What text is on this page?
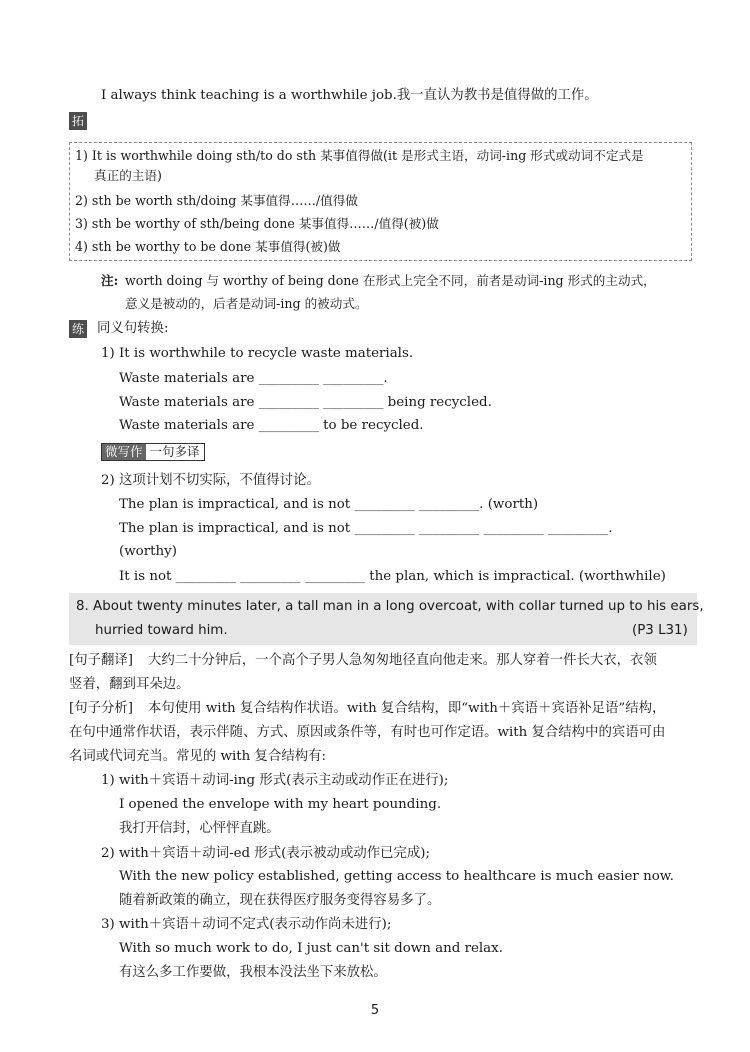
I always think teaching is a worthwhile job.我一直认为教书是值得做的工作。
拓
1) It is worthwhile doing sth/to do sth 某事值得做(it 是形式主语，动词-ing 形式或动词不定式是
真正的主语)
2) sth be worth sth/doing 某事值得……/值得做
3) sth be worthy of sth/being done 某事值得……/值得(被)做
4) sth be worthy to be done 某事值得(被)做
注: worth doing 与 worthy of being done 在形式上完全不同，前者是动词-ing 形式的主动式，
意义是被动的，后者是动词-ing 的被动式。
练 同义句转换:
1) It is worthwhile to recycle waste materials.
Waste materials are _________ _________.
Waste materials are _________ _________ being recycled.
Waste materials are _________ to be recycled.
微写作 一句多译
2) 这项计划不切实际，不值得讨论。
The plan is impractical, and is not _________ _________. (worth)
The plan is impractical, and is not _________ _________ _________ _________.
(worthy)
It is not _________ _________ _________ the plan, which is impractical. (worthwhile)
8. About twenty minutes later, a tall man in a long overcoat, with collar turned up to his ears,
hurried toward him.	(P3 L31)
[句子翻译] 大约二十分钟后，一个高个子男人急匆匆地径直向他走来。那人穿着一件长大衣，衣领
竖着，翻到耳朵边。
[句子分析] 本句使用 with 复合结构作状语。with 复合结构，即“with＋宾语＋宾语补足语”结构，
在句中通常作状语，表示伴随、方式、原因或条件等，有时也可作定语。with 复合结构中的宾语可由
名词或代词充当。常见的 with 复合结构有:
1) with＋宾语＋动词-ing 形式(表示主动或动作正在进行);
I opened the envelope with my heart pounding.
我打开信封，心怦怦直跳。
2) with＋宾语＋动词-ed 形式(表示被动或动作已完成);
With the new policy established, getting access to healthcare is much easier now.
随着新政策的确立，现在获得医疗服务变得容易多了。
3) with＋宾语＋动词不定式(表示动作尚未进行);
With so much work to do, I just can't sit down and relax.
有这么多工作要做，我根本没法坐下来放松。
5
